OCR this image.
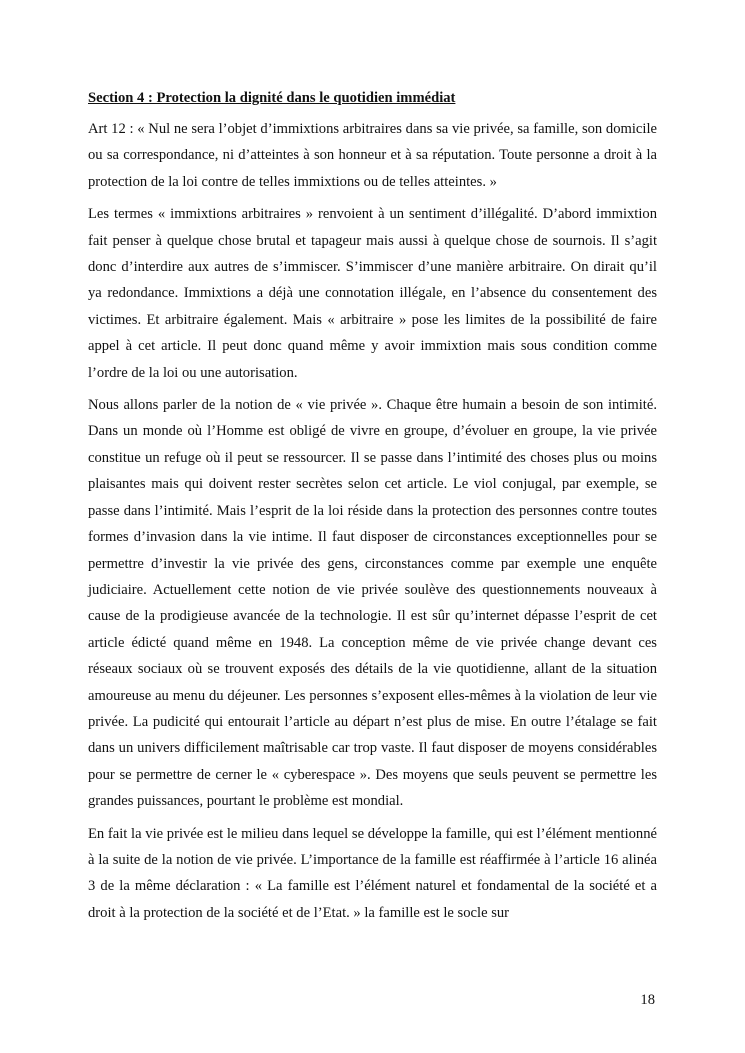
Section 4 : Protection la dignité dans le quotidien immédiat

Art 12 : « Nul ne sera l’objet d’immixtions arbitraires dans sa vie privée, sa famille, son domicile ou sa correspondance, ni d’atteintes à son honneur et à sa réputation. Toute personne a droit à la protection de la loi contre de telles immixtions ou de telles atteintes. »

Les termes « immixtions arbitraires » renvoient à un sentiment d’illégalité. D’abord immixtion fait penser à quelque chose brutal et tapageur mais aussi à quelque chose de sournois. Il s’agit donc d’interdire aux autres de s’immiscer. S’immiscer d’une manière arbitraire. On dirait qu’il ya redondance. Immixtions a déjà une connotation illégale, en l’absence du consentement des victimes. Et arbitraire également. Mais « arbitraire » pose les limites de la possibilité de faire appel à cet article. Il peut donc quand même y avoir immixtion mais sous condition comme l’ordre de la loi ou une autorisation.

Nous allons parler de la notion de « vie privée ». Chaque être humain a besoin de son intimité. Dans un monde où l’Homme est obligé de vivre en groupe, d’évoluer en groupe, la vie privée constitue un refuge où il peut se ressourcer. Il se passe dans l’intimité des choses plus ou moins plaisantes mais qui doivent rester secrètes selon cet article. Le viol conjugal, par exemple, se passe dans l’intimité. Mais l’esprit de la loi réside dans la protection des personnes contre toutes formes d’invasion dans la vie intime. Il faut disposer de circonstances exceptionnelles pour se permettre d’investir la vie privée des gens, circonstances comme par exemple une enquête judiciaire. Actuellement cette notion de vie privée soulève des questionnements nouveaux à cause de la prodigieuse avancée de la technologie. Il est sûr qu’internet dépasse l’esprit de cet article édicté quand même en 1948. La conception même de vie privée change devant ces réseaux sociaux où se trouvent exposés des détails de la vie quotidienne, allant de la situation amoureuse au menu du déjeuner. Les personnes s’exposent elles-mêmes à la violation de leur vie privée. La pudicité qui entourait l’article au départ n’est plus de mise. En outre l’étalage se fait dans un univers difficilement maîtrisable car trop vaste. Il faut disposer de moyens considérables pour se permettre de cerner le « cyberespace ». Des moyens que seuls peuvent se permettre les grandes puissances, pourtant le problème est mondial.

En fait la vie privée est le milieu dans lequel se développe la famille, qui est l’élément mentionné à la suite de la notion de vie privée. L’importance de la famille est réaffirmée à l’article 16 alinéa 3 de la même déclaration : « La famille est l’élément naturel et fondamental de la société et a droit à la protection de la société et de l’Etat. » la famille est le socle sur

18
